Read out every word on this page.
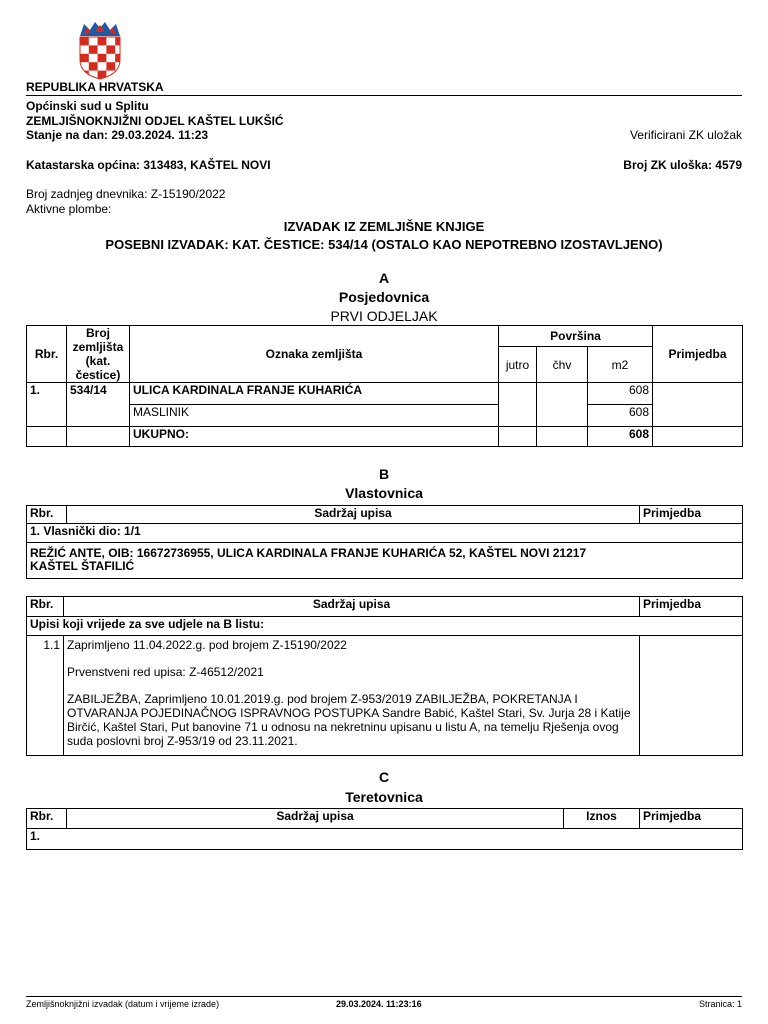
REPUBLIKA HRVATSKA
Općinski sud u Splitu
ZEMLJIŠNOKNJIŽNI ODJEL KAŠTEL LUKŠIĆ
Stanje na dan: 29.03.2024. 11:23	Verificirani ZK uložak
Katastarska općina: 313483, KAŠTEL NOVI	Broj ZK uloška: 4579
Broj zadnjeg dnevnika: Z-15190/2022
Aktivne plombe:
IZVADAK IZ ZEMLJIŠNE KNJIGE
POSEBNI IZVADAK: KAT. ČESTICE: 534/14 (OSTALO KAO NEPOTREBNO IZOSTAVLJENO)
A
Posjedovnica
PRVI ODJELJAK
Rbr.	Broj zemljišta (kat. čestice)	Oznaka zemljišta	Površina			Primjedba
			jutro	čhv	m2	
1.	534/14	ULICA KARDINALA FRANJE KUHARIĆA			608	
		MASLINIK			608	
		UKUPNO:			608	
B
Vlastovnica
Rbr.	Sadržaj upisa	Primjedba
1. Vlasnički dio: 1/1
REŽIĆ ANTE, OIB: 16672736955, ULICA KARDINALA FRANJE KUHARIĆA 52, KAŠTEL NOVI 21217 KAŠTEL ŠTAFILIĆ
Rbr.	Sadržaj upisa	Primjedba
Upisi koji vrijede za sve udjele na B listu:		
1.1	Zaprimljeno 11.04.2022.g. pod brojem Z-15190/2022
Prvenstveni red upisa: Z-46512/2021
ZABILJEŽBA, Zaprimljeno 10.01.2019.g. pod brojem Z-953/2019 ZABILJEŽBA, POKRETANJA I OTVARANJA POJEDINAČNOG ISPRAVNOG POSTUPKA Sandre Babić, Kaštel Stari, Sv. Jurja 28 i Katije Birčić, Kaštel Stari, Put banovine 71 u odnosu na nekretninu upisanu u listu A, na temelju Rješenja ovog suda poslovni broj Z-953/19 od 23.11.2021.	

C
Teretovnica
Rbr.	Sadržaj upisa	Iznos	Primjedba
1.
Zemljišnoknjižni izvadak (datum i vrijeme izrade)	29.03.2024. 11:23:16	Stranica: 1
